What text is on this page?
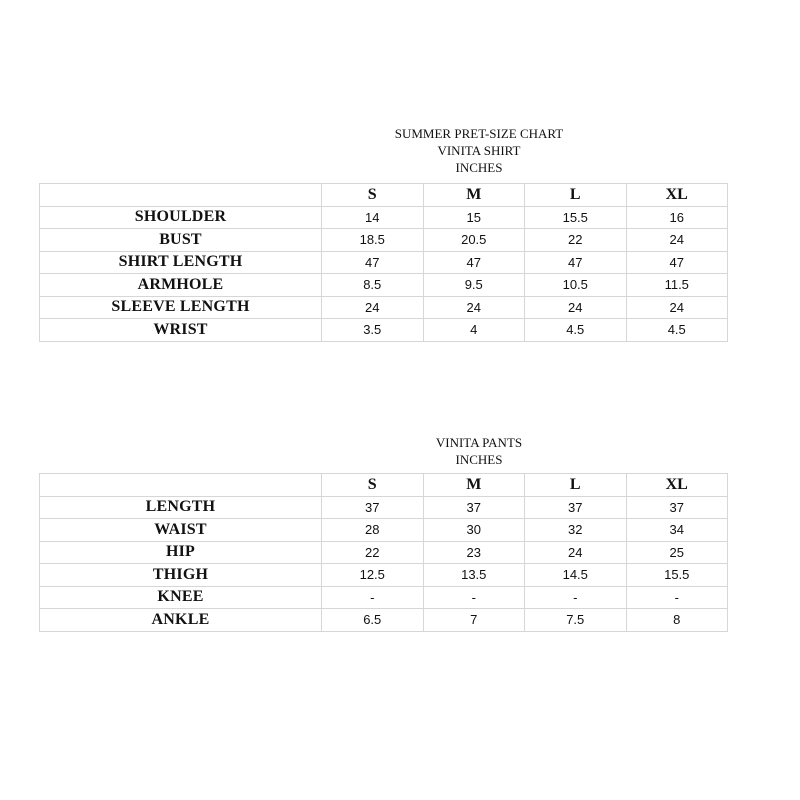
SUMMER PRET-SIZE CHART
VINITA SHIRT
INCHES
	S	M	L	XL
SHOULDER	14	15	15.5	16
BUST	18.5	20.5	22	24
SHIRT LENGTH	47	47	47	47
ARMHOLE	8.5	9.5	10.5	11.5
SLEEVE LENGTH	24	24	24	24
WRIST	3.5	4	4.5	4.5
VINITA PANTS
INCHES
	S	M	L	XL
LENGTH	37	37	37	37
WAIST	28	30	32	34
HIP	22	23	24	25
THIGH	12.5	13.5	14.5	15.5
KNEE	-	-	-	-
ANKLE	6.5	7	7.5	8
